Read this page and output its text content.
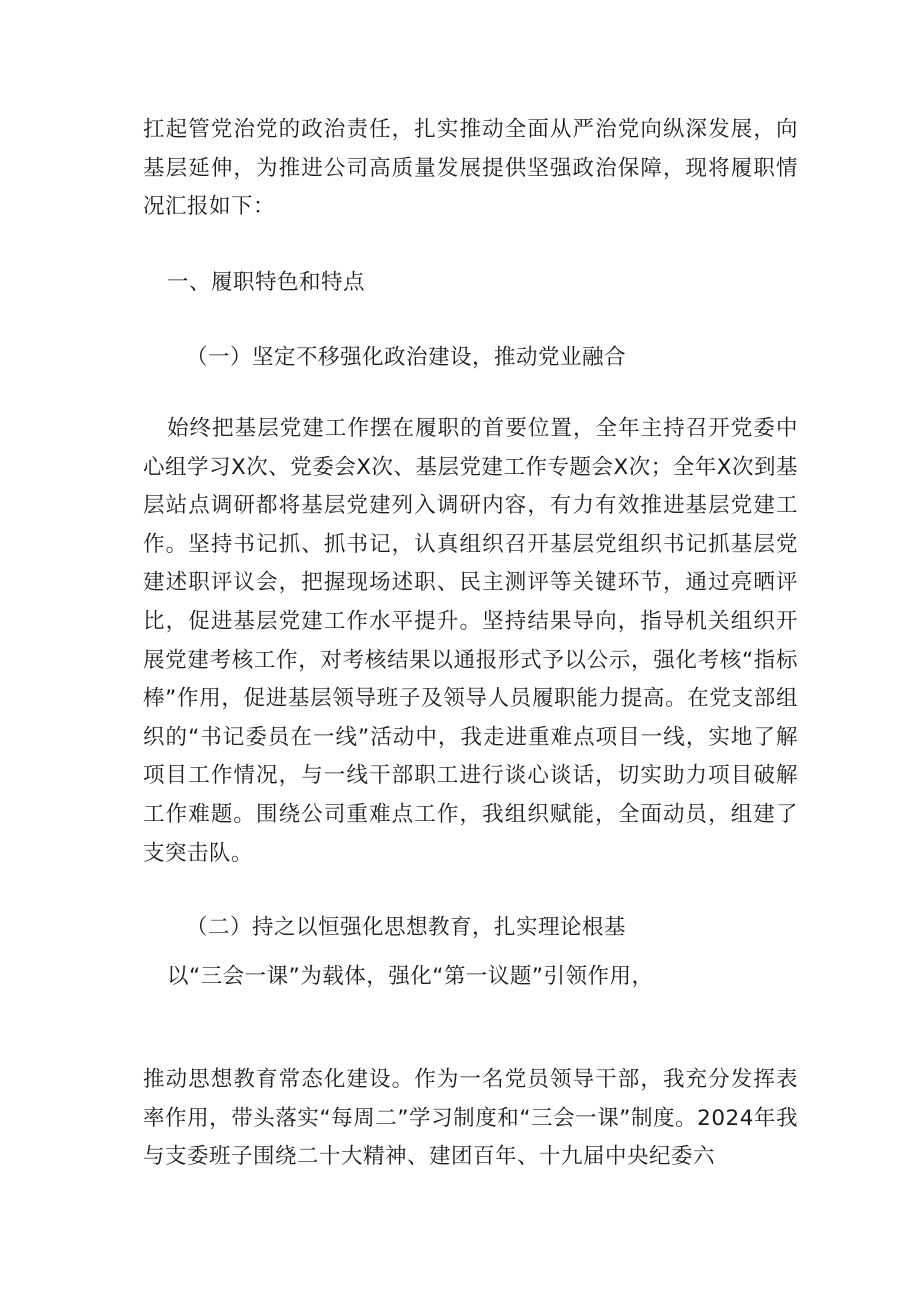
扛起管党治党的政治责任，扎实推动全面从严治党向纵深发展，向基层延伸，为推进公司高质量发展提供坚强政治保障，现将履职情况汇报如下：

一、履职特色和特点

（一）坚定不移强化政治建设，推动党业融合

始终把基层党建工作摆在履职的首要位置，全年主持召开党委中心组学习X次、党委会X次、基层党建工作专题会X次；全年X次到基层站点调研都将基层党建列入调研内容，有力有效推进基层党建工作。坚持书记抓、抓书记，认真组织召开基层党组织书记抓基层党建述职评议会，把握现场述职、民主测评等关键环节，通过亮晒评比，促进基层党建工作水平提升。坚持结果导向，指导机关组织开展党建考核工作，对考核结果以通报形式予以公示，强化考核“指标棒”作用，促进基层领导班子及领导人员履职能力提高。在党支部组织的“书记委员在一线”活动中，我走进重难点项目一线，实地了解项目工作情况，与一线干部职工进行谈心谈话，切实助力项目破解工作难题。围绕公司重难点工作，我组织赋能，全面动员，组建了支突击队。

（二）持之以恒强化思想教育，扎实理论根基

以“三会一课”为载体，强化“第一议题”引领作用，

推动思想教育常态化建设。作为一名党员领导干部，我充分发挥表率作用，带头落实“每周二”学习制度和“三会一课”制度。2024年我与支委班子围绕二十大精神、建团百年、十九届中央纪委六
